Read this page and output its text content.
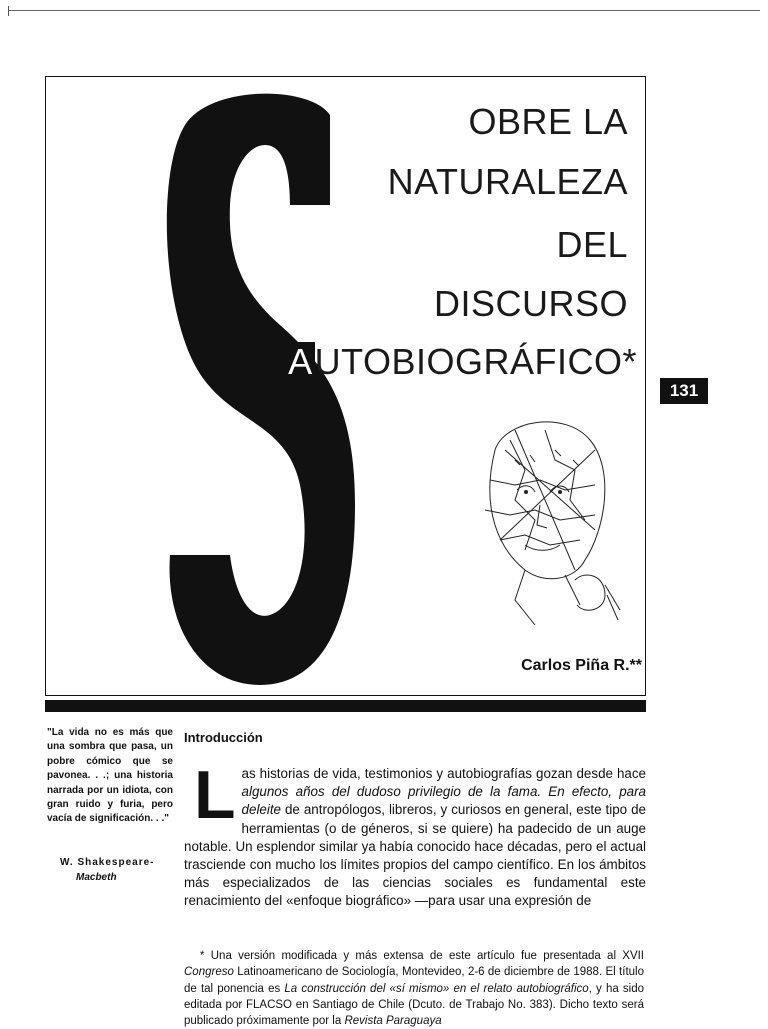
OBRE LA
NATURALEZA
DEL
DISCURSO
AUTOBIOGRÁFICO*
131
Carlos Piña R.**
"La vida no es más que una sombra que pasa, un pobre cómico que se pavonea. . .; una historia narrada por un idiota, con gran ruido y furia, pero vacía de significación. . ."
W. Shakespeare-
Macbeth
Introducción
Las historias de vida, testimonios y autobiografías gozan desde hace algunos años del dudoso privilegio de la fama. En efecto, para deleite de antropólogos, libreros, y curiosos en general, este tipo de herramientas (o de géneros, si se quiere) ha padecido de un auge notable. Un esplendor similar ya había conocido hace décadas, pero el actual trasciende con mucho los límites propios del campo científico. En los ámbitos más especializados de las ciencias sociales es fundamental este renacimiento del «enfoque biográfico» —para usar una expresión de
* Una versión modificada y más extensa de este artículo fue presentada al XVII Congreso Latinoamericano de Sociología, Montevideo, 2-6 de diciembre de 1988. El título de tal ponencia es La construcción del «sí mismo» en el relato autobiográfico, y ha sido editada por FLACSO en Santiago de Chile (Dcuto. de Trabajo No. 383). Dicho texto será publicado próximamente por la Revista Paraguaya
